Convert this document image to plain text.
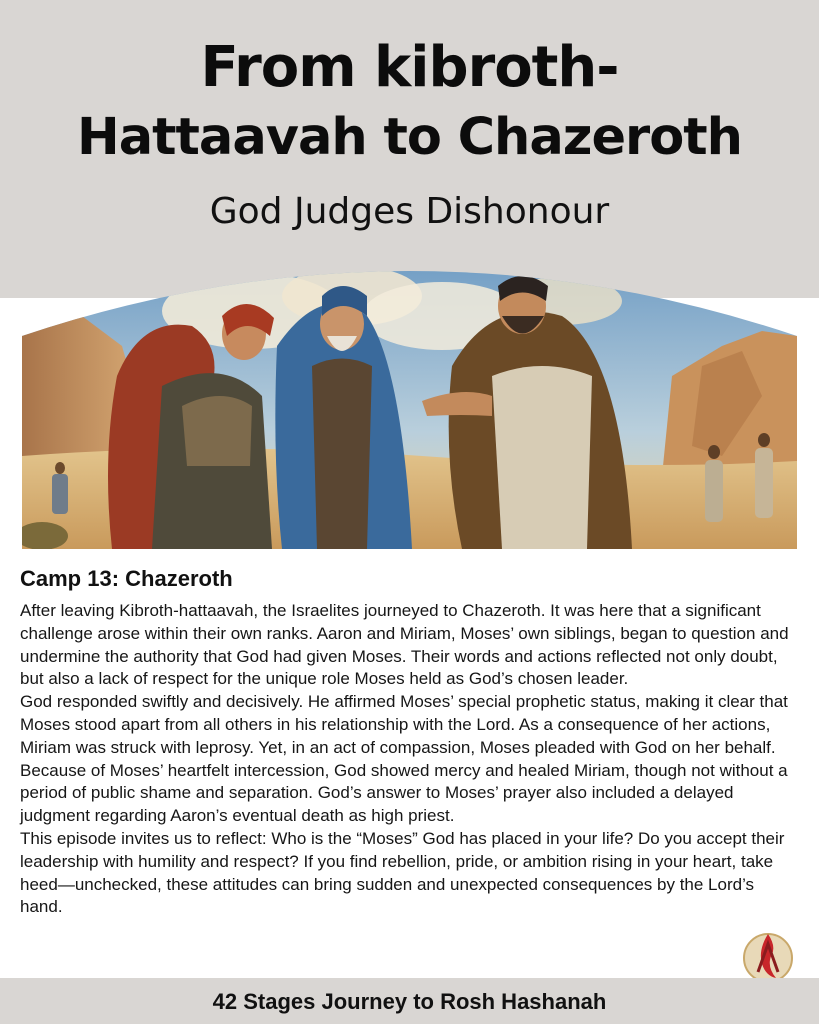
From kibroth-
Hattaavah to Chazeroth
God Judges Dishonour
Camp 13: Chazeroth

After leaving Kibroth-hattaavah, the Israelites journeyed to Chazeroth. It was here that a significant challenge arose within their own ranks. Aaron and Miriam, Moses’ own siblings, began to question and undermine the authority that God had given Moses. Their words and actions reflected not only doubt, but also a lack of respect for the unique role Moses held as God’s chosen leader.

God responded swiftly and decisively. He affirmed Moses’ special prophetic status, making it clear that Moses stood apart from all others in his relationship with the Lord. As a consequence of her actions, Miriam was struck with leprosy. Yet, in an act of compassion, Moses pleaded with God on her behalf. Because of Moses’ heartfelt intercession, God showed mercy and healed Miriam, though not without a period of public shame and separation. God’s answer to Moses’ prayer also included a delayed judgment regarding Aaron’s eventual death as high priest.

This episode invites us to reflect: Who is the “Moses” God has placed in your life? Do you accept their leadership with humility and respect? If you find rebellion, pride, or ambition rising in your heart, take heed—unchecked, these attitudes can bring sudden and unexpected consequences by the Lord’s hand.

42 Stages Journey to Rosh Hashanah
